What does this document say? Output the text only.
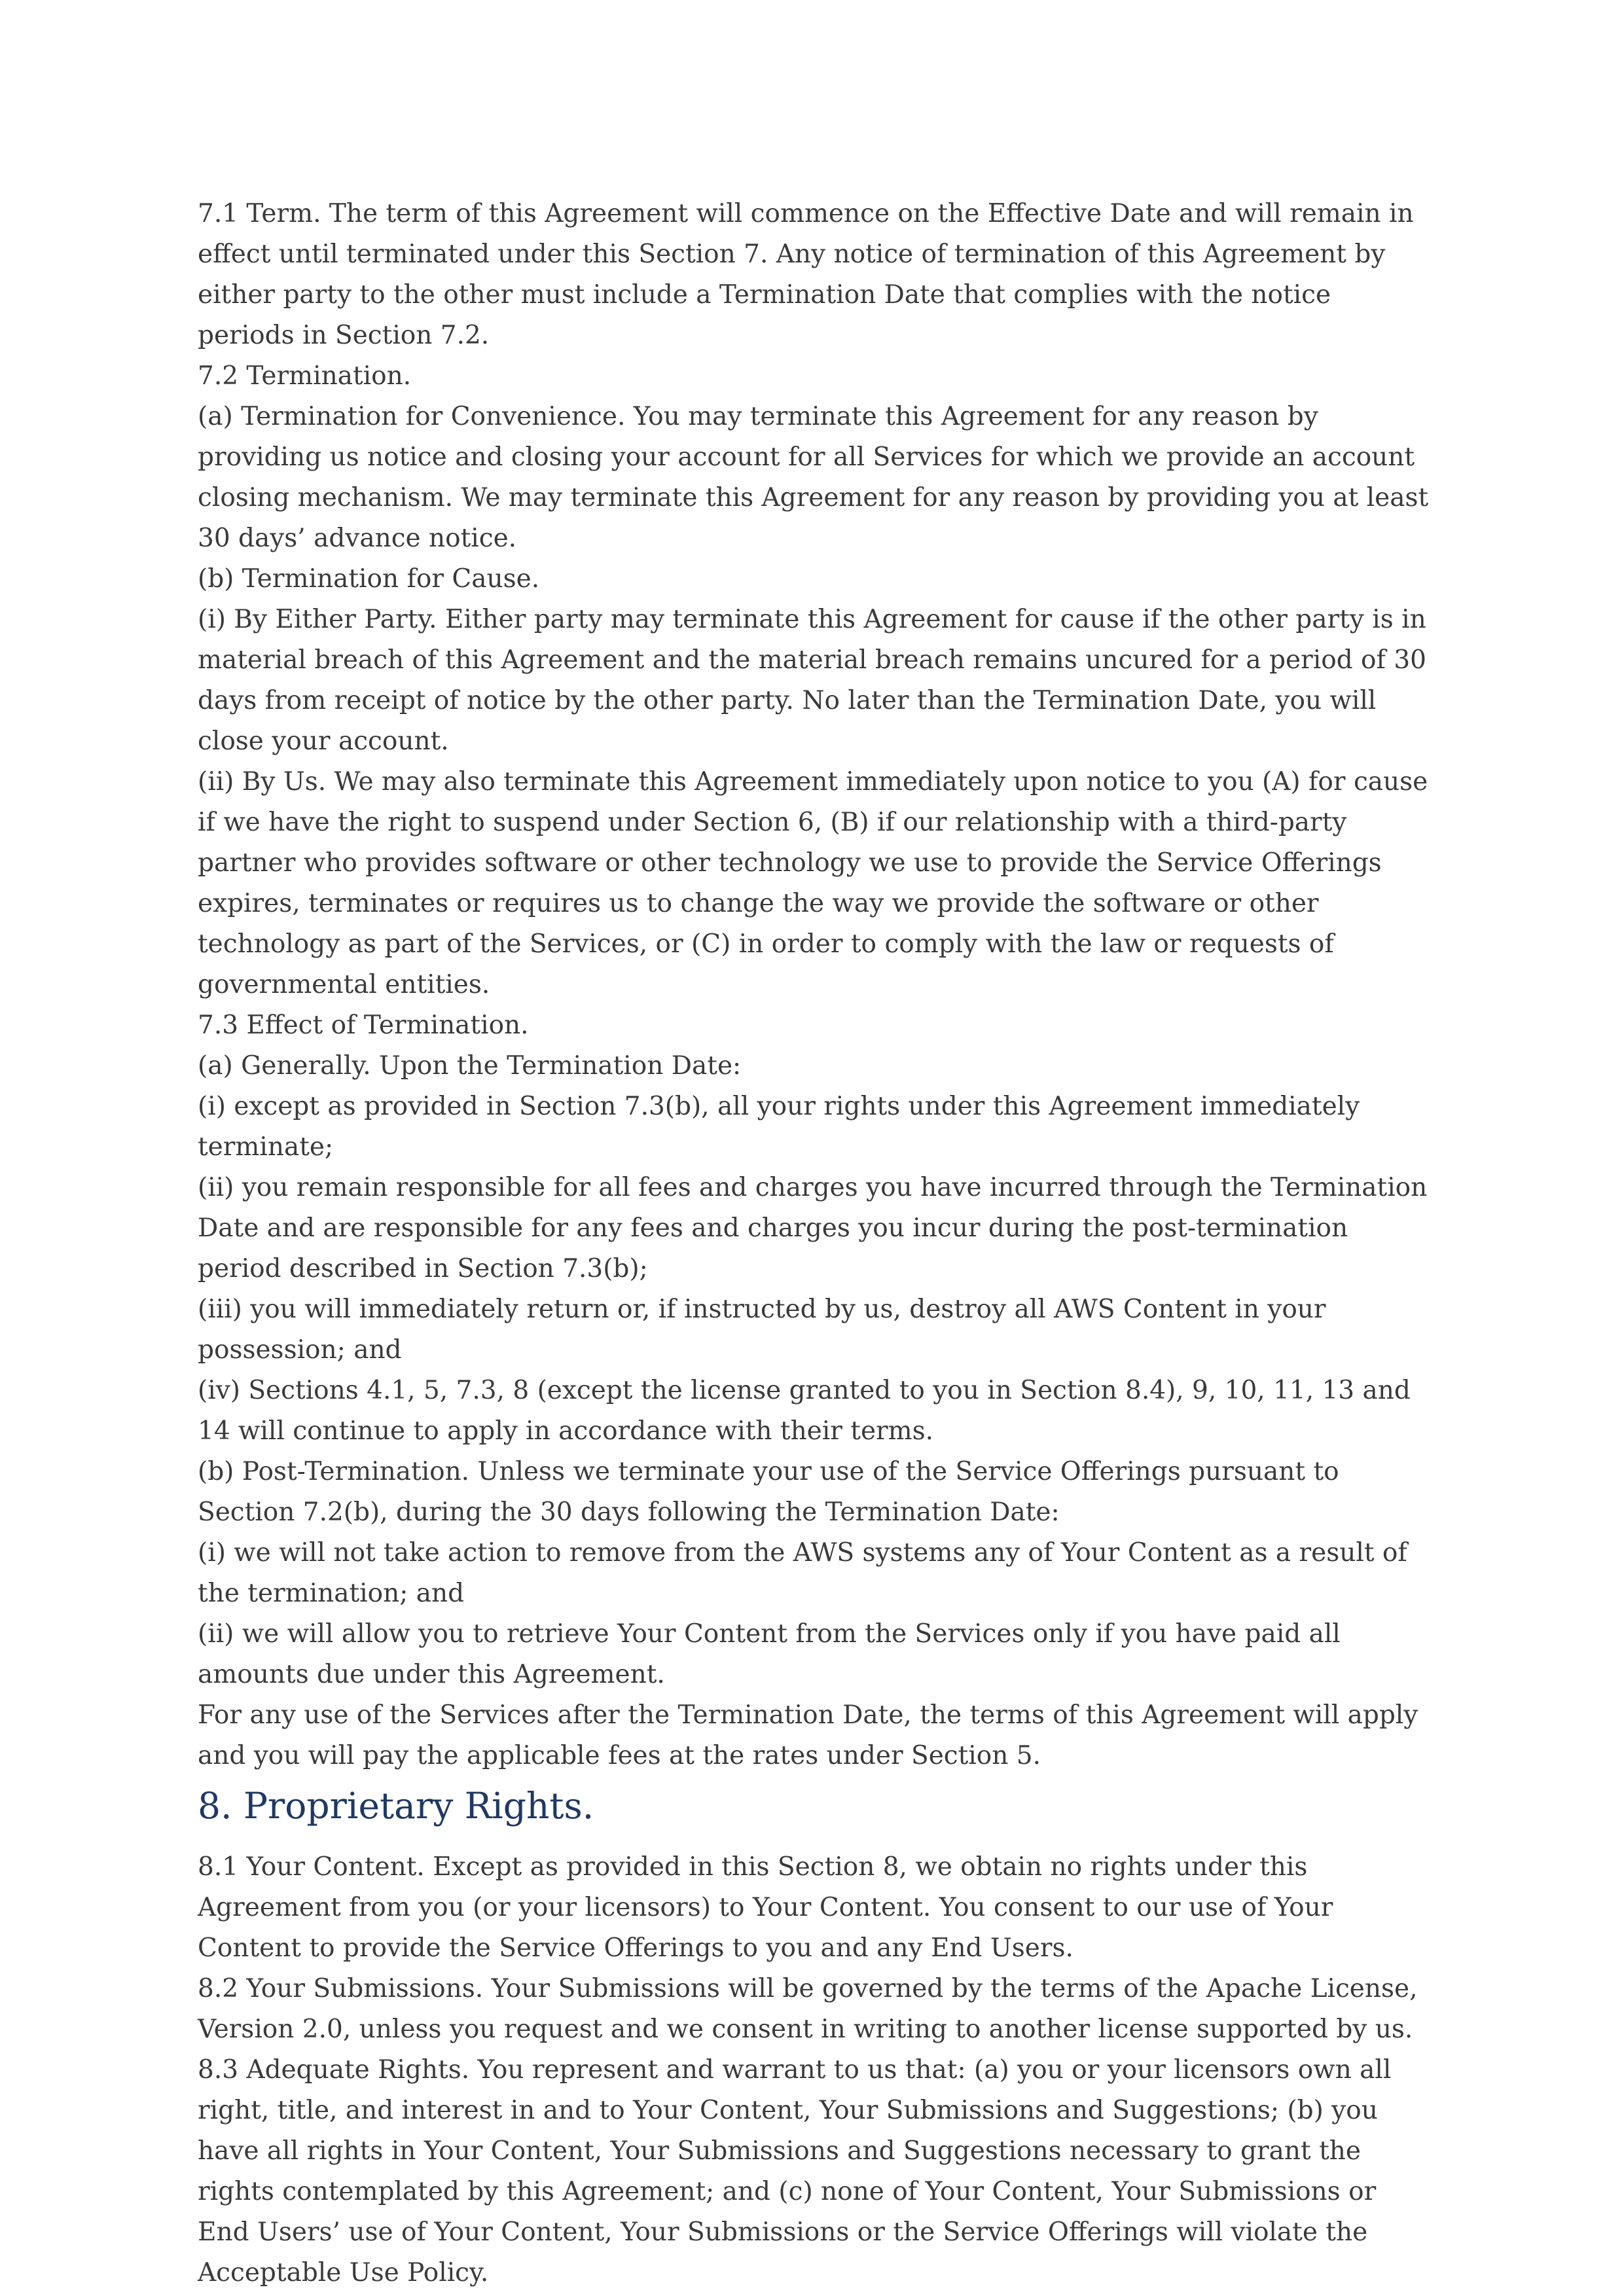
7.1 Term. The term of this Agreement will commence on the Effective Date and will remain in effect until terminated under this Section 7. Any notice of termination of this Agreement by either party to the other must include a Termination Date that complies with the notice periods in Section 7.2.

7.2 Termination.

(a) Termination for Convenience. You may terminate this Agreement for any reason by providing us notice and closing your account for all Services for which we provide an account closing mechanism. We may terminate this Agreement for any reason by providing you at least 30 days’ advance notice.

(b) Termination for Cause.

(i) By Either Party. Either party may terminate this Agreement for cause if the other party is in material breach of this Agreement and the material breach remains uncured for a period of 30 days from receipt of notice by the other party. No later than the Termination Date, you will close your account.

(ii) By Us. We may also terminate this Agreement immediately upon notice to you (A) for cause if we have the right to suspend under Section 6, (B) if our relationship with a third-party partner who provides software or other technology we use to provide the Service Offerings expires, terminates or requires us to change the way we provide the software or other technology as part of the Services, or (C) in order to comply with the law or requests of governmental entities.

7.3 Effect of Termination.

(a) Generally. Upon the Termination Date:

(i) except as provided in Section 7.3(b), all your rights under this Agreement immediately terminate;

(ii) you remain responsible for all fees and charges you have incurred through the Termination Date and are responsible for any fees and charges you incur during the post-termination period described in Section 7.3(b);

(iii) you will immediately return or, if instructed by us, destroy all AWS Content in your possession; and

(iv) Sections 4.1, 5, 7.3, 8 (except the license granted to you in Section 8.4), 9, 10, 11, 13 and 14 will continue to apply in accordance with their terms.

(b) Post-Termination. Unless we terminate your use of the Service Offerings pursuant to Section 7.2(b), during the 30 days following the Termination Date:

(i) we will not take action to remove from the AWS systems any of Your Content as a result of the termination; and

(ii) we will allow you to retrieve Your Content from the Services only if you have paid all amounts due under this Agreement.

For any use of the Services after the Termination Date, the terms of this Agreement will apply and you will pay the applicable fees at the rates under Section 5.

8. Proprietary Rights.

8.1 Your Content. Except as provided in this Section 8, we obtain no rights under this Agreement from you (or your licensors) to Your Content. You consent to our use of Your Content to provide the Service Offerings to you and any End Users.

8.2 Your Submissions. Your Submissions will be governed by the terms of the Apache License, Version 2.0, unless you request and we consent in writing to another license supported by us.

8.3 Adequate Rights. You represent and warrant to us that: (a) you or your licensors own all right, title, and interest in and to Your Content, Your Submissions and Suggestions; (b) you have all rights in Your Content, Your Submissions and Suggestions necessary to grant the rights contemplated by this Agreement; and (c) none of Your Content, Your Submissions or End Users’ use of Your Content, Your Submissions or the Service Offerings will violate the Acceptable Use Policy.
